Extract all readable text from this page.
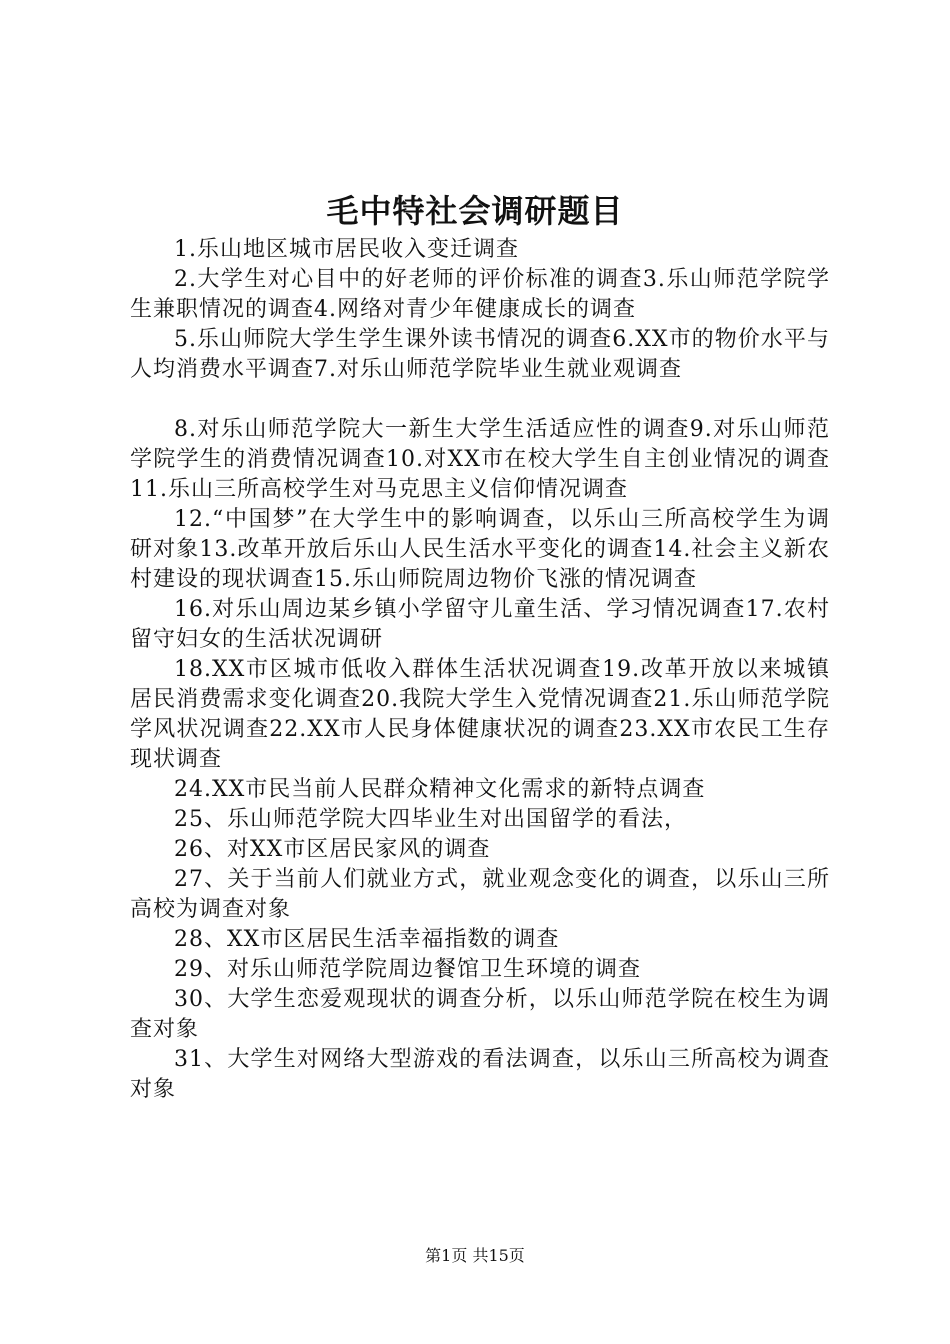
毛中特社会调研题目

1.乐山地区城市居民收入变迁调查

2.大学生对心目中的好老师的评价标准的调查3.乐山师范学院学生兼职情况的调查4.网络对青少年健康成长的调查

5.乐山师院大学生学生课外读书情况的调查6.XX市的物价水平与人均消费水平调查7.对乐山师范学院毕业生就业观调查

8.对乐山师范学院大一新生大学生活适应性的调查9.对乐山师范学院学生的消费情况调查10.对XX市在校大学生自主创业情况的调查11.乐山三所高校学生对马克思主义信仰情况调查

12.“中国梦”在大学生中的影响调查，以乐山三所高校学生为调研对象13.改革开放后乐山人民生活水平变化的调查14.社会主义新农村建设的现状调查15.乐山师院周边物价飞涨的情况调查

16.对乐山周边某乡镇小学留守儿童生活、学习情况调查17.农村留守妇女的生活状况调研

18.XX市区城市低收入群体生活状况调查19.改革开放以来城镇居民消费需求变化调查20.我院大学生入党情况调查21.乐山师范学院学风状况调查22.XX市人民身体健康状况的调查23.XX市农民工生存现状调查

24.XX市民当前人民群众精神文化需求的新特点调查

25、乐山师范学院大四毕业生对出国留学的看法，

26、对XX市区居民家风的调查

27、关于当前人们就业方式，就业观念变化的调查，以乐山三所高校为调查对象

28、XX市区居民生活幸福指数的调查

29、对乐山师范学院周边餐馆卫生环境的调查

30、大学生恋爱观现状的调查分析，以乐山师范学院在校生为调查对象

31、大学生对网络大型游戏的看法调查，以乐山三所高校为调查对象

第1页 共15页
